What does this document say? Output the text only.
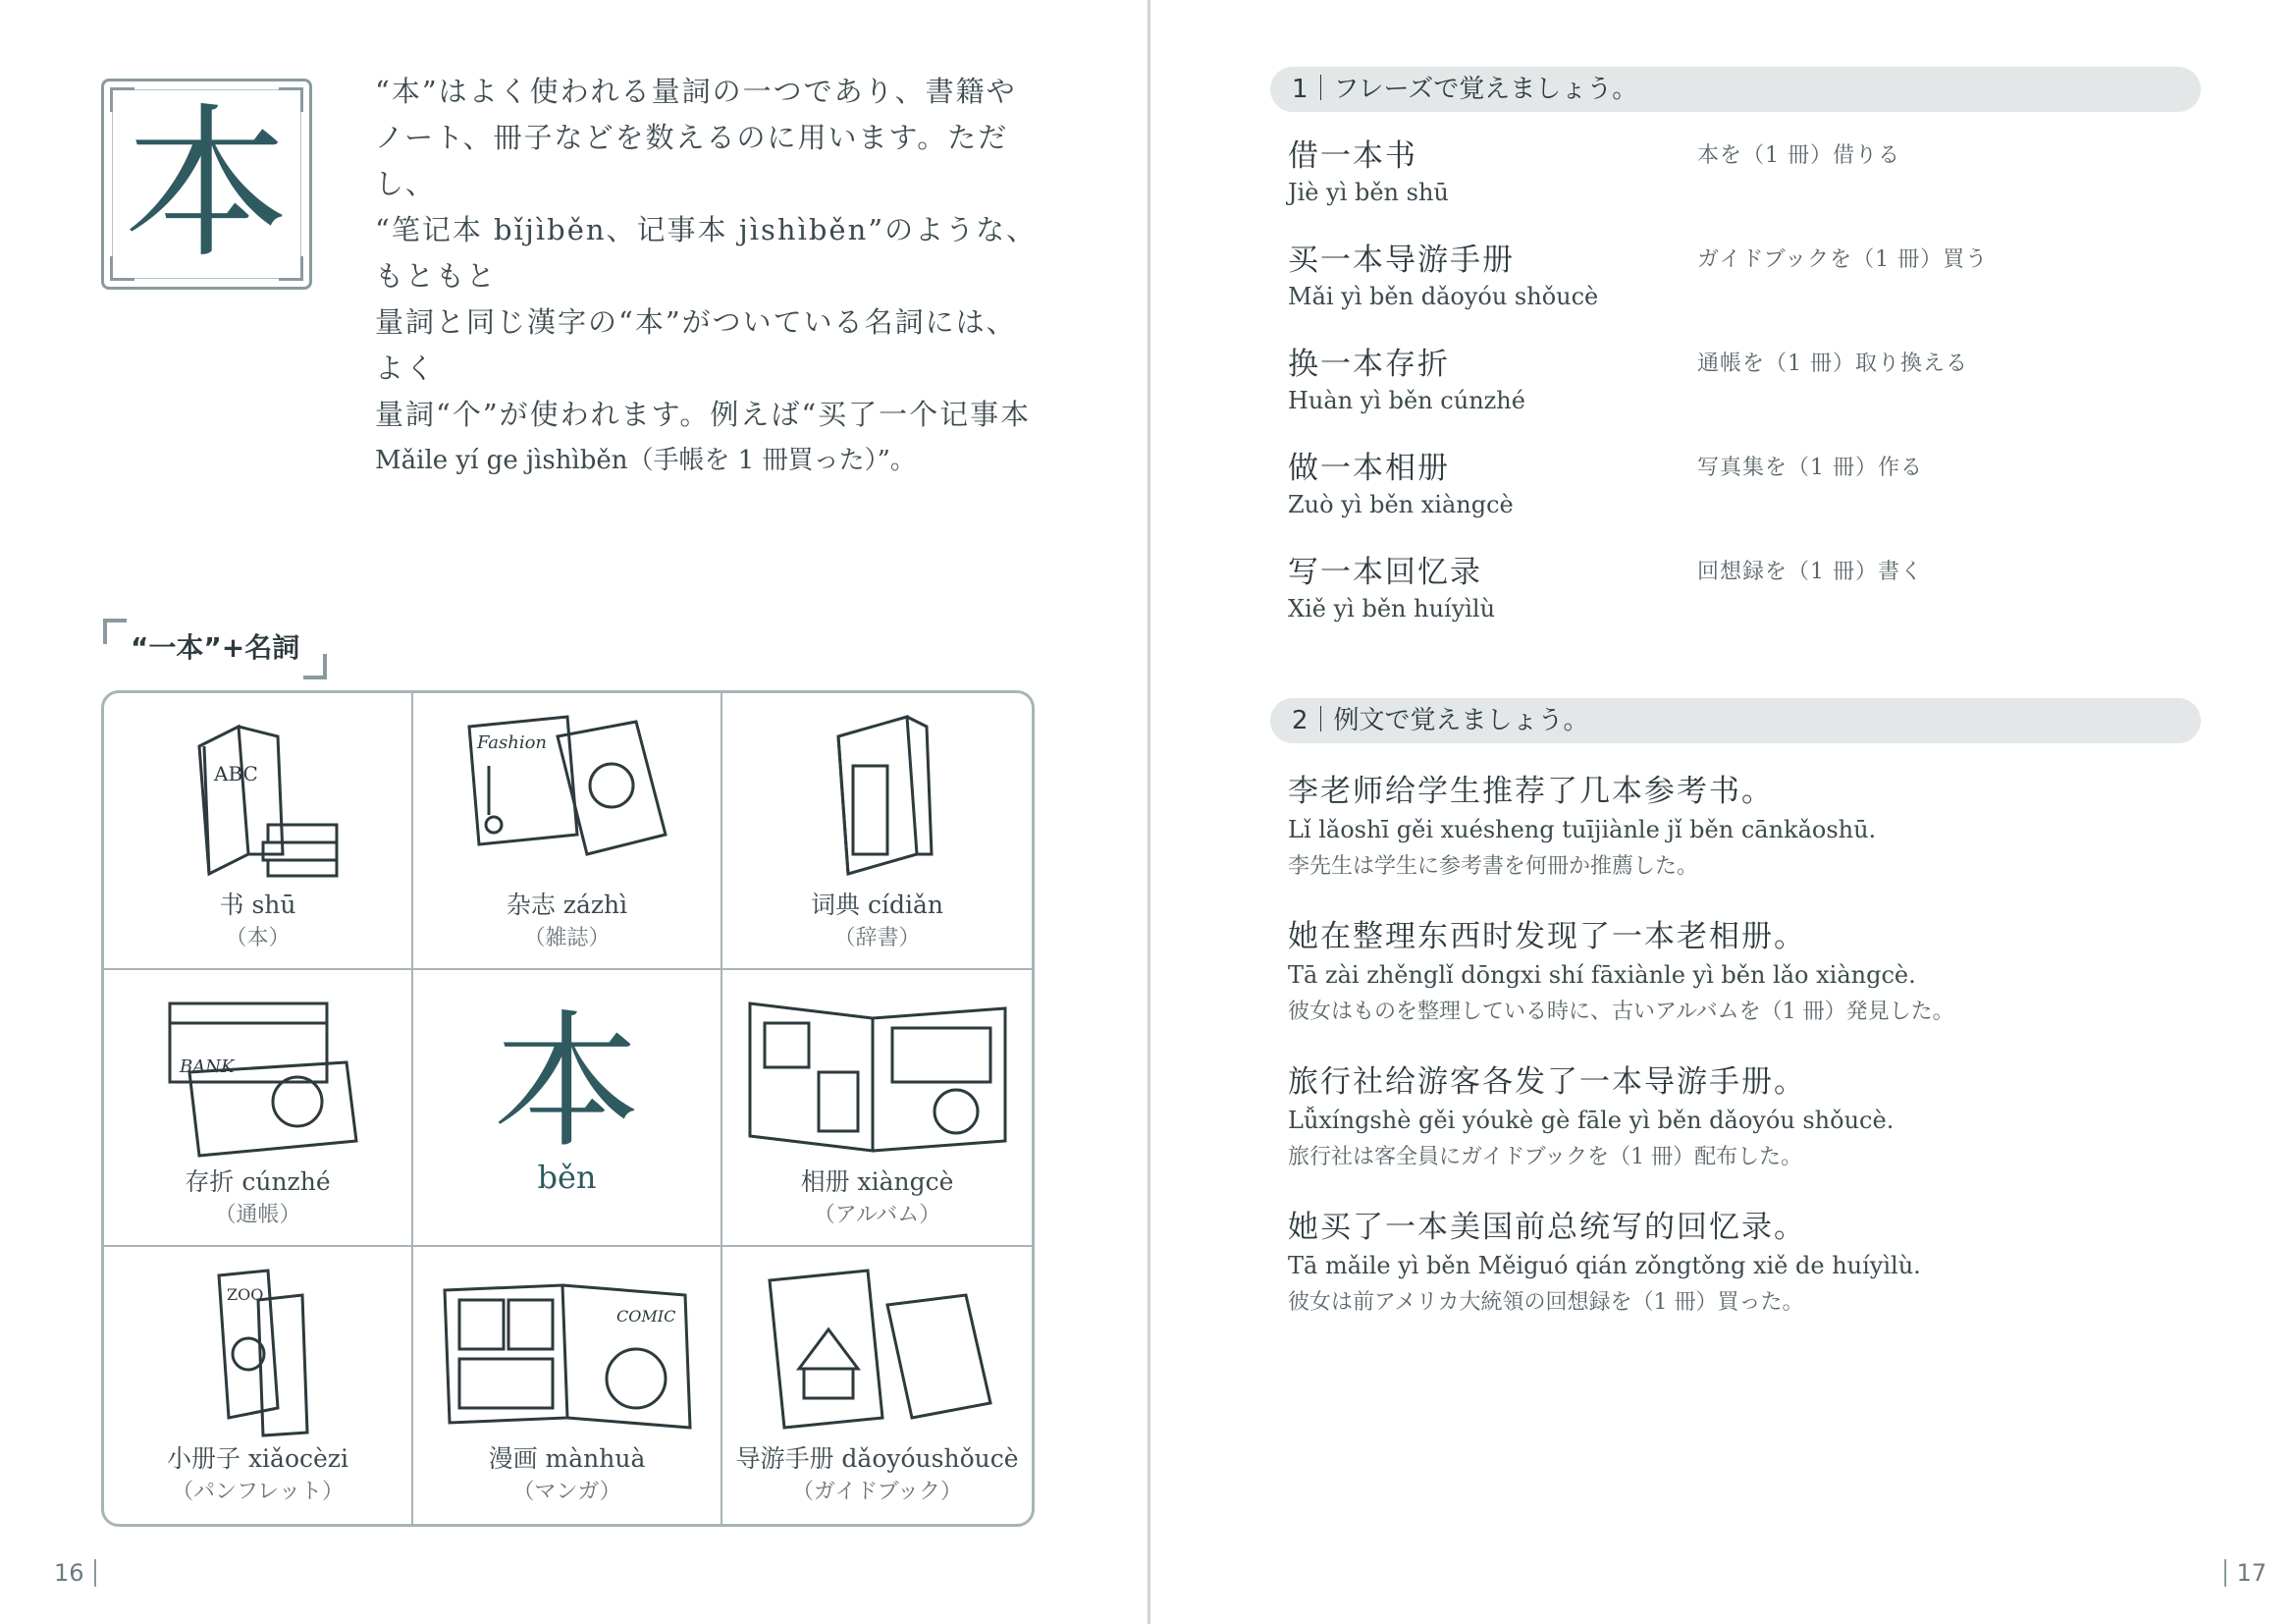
本	“本”はよく使われる量詞の一つであり、書籍や

ノート、冊子などを数えるのに用います。ただし、

“笔记本 bǐjìběn、记事本 jìshìběn”のような、もともと

量詞と同じ漢字の“本”がついている名詞には、よく

量詞“个”が使われます。例えば“买了一个记事本

Mǎile yí ge jìshìběn（手帳を 1 冊買った）”。

“一本”+名詞
ABC
书 shū
（本）
Fashion
杂志 zázhì
（雑誌）
词典 cídiǎn
（辞書）
BANK
存折 cúnzhé
（通帳）
本
běn	相册 xiàngcè
（アルバム）
ZOO
小册子 xiǎocèzi
（パンフレット）
COMIC
漫画 mànhuà
（マンガ）
导游手册 dǎoyóushǒucè
（ガイドブック）
16
1｜フレーズで覚えましょう。
借一本书
Jiè yì běn shū
本を（1 冊）借りる
买一本导游手册
Mǎi yì běn dǎoyóu shǒucè
ガイドブックを（1 冊）買う
换一本存折
Huàn yì běn cúnzhé
通帳を（1 冊）取り換える
做一本相册
Zuò yì běn xiàngcè
写真集を（1 冊）作る
写一本回忆录
Xiě yì běn huíyìlù
回想録を（1 冊）書く
2｜例文で覚えましょう。
李老师给学生推荐了几本参考书。
Lǐ lǎoshī gěi xuésheng tuījiànle jǐ běn cānkǎoshū.
李先生は学生に参考書を何冊か推薦した。
她在整理东西时发现了一本老相册。
Tā zài zhěnglǐ dōngxi shí fāxiànle yì běn lǎo xiàngcè.
彼女はものを整理している時に、古いアルバムを（1 冊）発見した。
旅行社给游客各发了一本导游手册。
Lǚxíngshè gěi yóukè gè fāle yì běn dǎoyóu shǒucè.
旅行社は客全員にガイドブックを（1 冊）配布した。
她买了一本美国前总统写的回忆录。
Tā mǎile yì běn Měiguó qián zǒngtǒng xiě de huíyìlù.
彼女は前アメリカ大統領の回想録を（1 冊）買った。
17
